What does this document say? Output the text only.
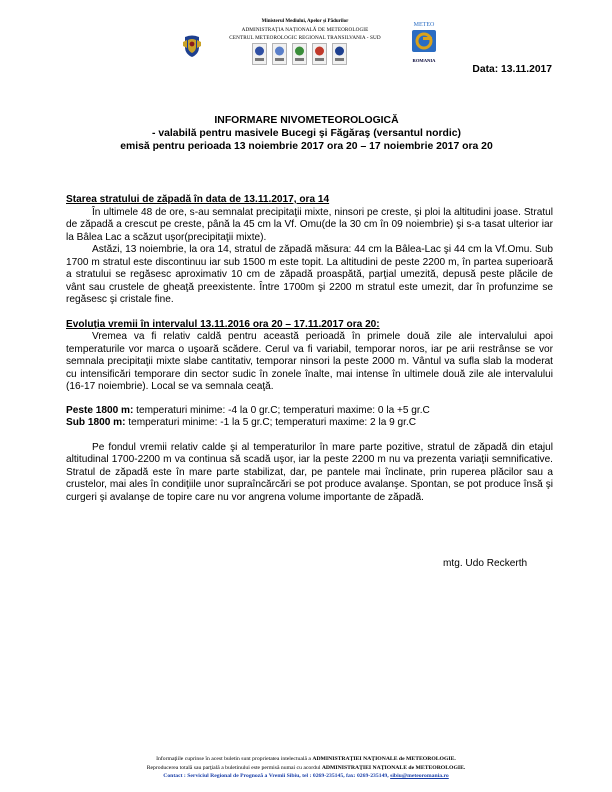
Ministerul Mediului, Apelor și Pădurilor
ADMINISTRAȚIA NAȚIONALĂ DE METEOROLOGIE
CENTRUL METEOROLOGIC REGIONAL TRANSILVANIA - SUD
METEO
ROMANIA
Data: 13.11.2017
INFORMARE NIVOMETEOROLOGICĂ
- valabilă pentru masivele Bucegi şi Făgăraş (versantul nordic)
emisă pentru perioada 13 noiembrie 2017 ora 20 – 17 noiembrie 2017 ora 20
Starea stratului de zăpadă în data de 13.11.2017, ora 14

În ultimele 48 de ore, s-au semnalat precipitaţii mixte, ninsori pe creste, şi ploi la altitudini joase. Stratul de zăpadă a crescut pe creste, până la 45 cm la Vf. Omu(de la 30 cm în 09 noiembrie) şi s-a tasat ulterior iar la Bâlea Lac a scăzut uşor(precipitaţii mixte).

Astăzi, 13 noiembrie, la ora 14, stratul de zăpadă măsura: 44 cm la Bâlea-Lac şi 44 cm la Vf.Omu. Sub 1700 m stratul este discontinuu iar sub 1500 m este topit. La altitudini de peste 2200 m, în partea superioară a stratului se regăsesc aproximativ 10 cm de zăpadă proaspătă, parţial umezită, depusă peste plăcile de vânt sau crustele de gheaţă preexistente. Între 1700m şi 2200 m stratul este umezit, dar în profunzime se regăsesc şi cristale fine.

Evoluţia vremii în intervalul 13.11.2016 ora 20 – 17.11.2017 ora 20:

Vremea va fi relativ caldă pentru această perioadă în primele două zile ale intervalului apoi temperaturile vor marca o uşoară scădere. Cerul va fi variabil, temporar noros, iar pe arii restrânse se vor semnala precipitaţii mixte slabe cantitativ, temporar ninsori la peste 2000 m. Vântul va sufla slab la moderat cu intensificări temporare din sector sudic în zonele înalte, mai intense în ultimele două zile ale intervalului (16-17 noiembrie). Local se va semnala ceaţă.

Peste 1800 m: temperaturi minime: -4 la 0 gr.C; temperaturi maxime: 0 la +5 gr.C
Sub 1800 m: temperaturi minime: -1 la 5 gr.C; temperaturi maxime: 2 la 9 gr.C

Pe fondul vremii relativ calde şi al temperaturilor în mare parte pozitive, stratul de zăpadă din etajul altitudinal 1700-2200 m va continua să scadă uşor, iar la peste 2200 m nu va prezenta variaţii semnificative. Stratul de zăpadă este în mare parte stabilizat, dar, pe pantele mai înclinate, prin ruperea plăcilor sau a crustelor, mai ales în condiţiile unor supraîncărcări se pot produce avalanşe. Spontan, se pot produce însă şi curgeri şi avalanşe de topire care nu vor angrena volume importante de zăpadă.

mtg. Udo Reckerth
Informaţiile cuprinse în acest buletin sunt proprietatea intelectuală a ADMINISTRAŢIEI NAŢIONALE de METEOROLOGIE.
Reproducerea totală sau parţială a buletinului este permisă numai cu acordul ADMINISTRAŢIEI NAŢIONALE de METEOROLOGIE.
Contact : Serviciul Regional de Prognoză a Vremii Sibiu, tel : 0269-235145, fax: 0269-235149, sibiu@meteoromania.ro
